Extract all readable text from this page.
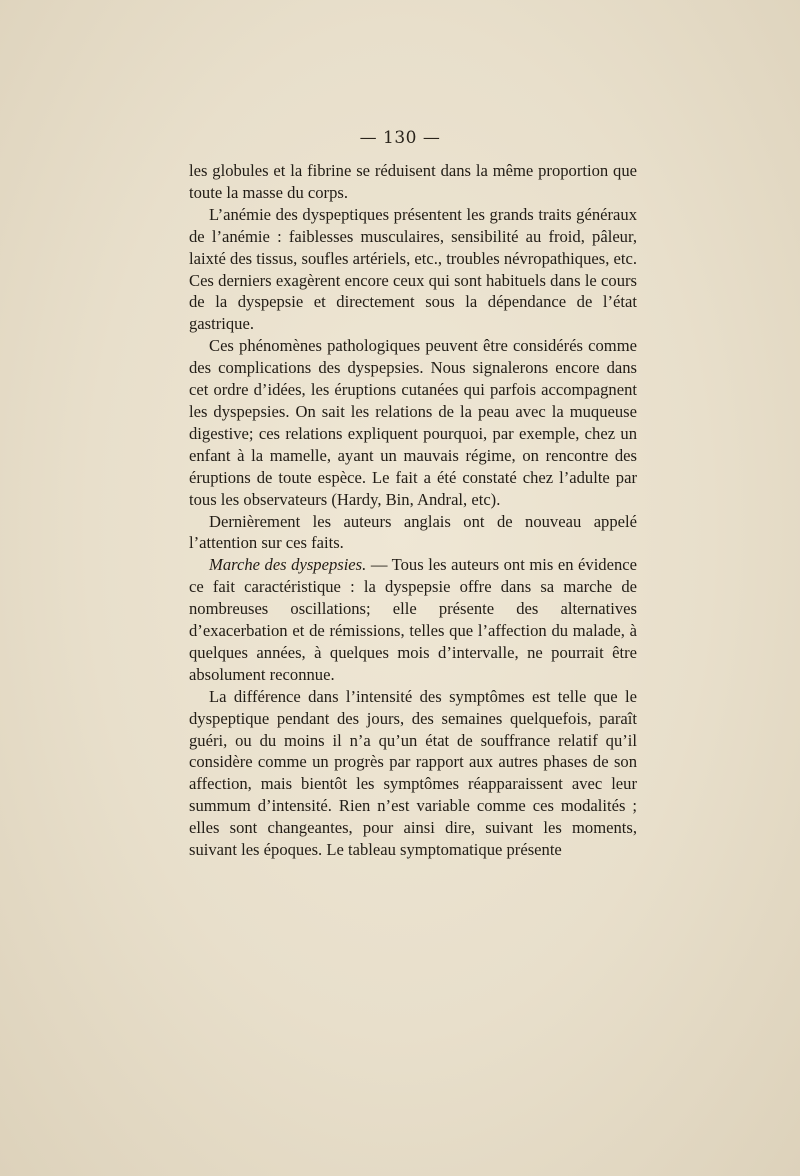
— 130 —

les globules et la fibrine se réduisent dans la même proportion que toute la masse du corps.

L’anémie des dyspeptiques présentent les grands traits généraux de l’anémie : faiblesses musculaires, sensibilité au froid, pâleur, laixté des tissus, soufles artériels, etc., troubles névropathiques, etc. Ces derniers exagèrent encore ceux qui sont habituels dans le cours de la dyspepsie et directement sous la dépendance de l’état gastrique.

Ces phénomènes pathologiques peuvent être considérés comme des complications des dyspepsies. Nous signalerons encore dans cet ordre d’idées, les éruptions cutanées qui parfois accompagnent les dyspepsies. On sait les relations de la peau avec la muqueuse digestive; ces relations expliquent pourquoi, par exemple, chez un enfant à la mamelle, ayant un mauvais régime, on rencontre des éruptions de toute espèce. Le fait a été constaté chez l’adulte par tous les observateurs (Hardy, Bin, Andral, etc).

Dernièrement les auteurs anglais ont de nouveau appelé l’attention sur ces faits.

Marche des dyspepsies. — Tous les auteurs ont mis en évidence ce fait caractéristique : la dyspepsie offre dans sa marche de nombreuses oscillations; elle présente des alternatives d’exacerbation et de rémissions, telles que l’affection du malade, à quelques années, à quelques mois d’intervalle, ne pourrait être absolument reconnue.

La différence dans l’intensité des symptômes est telle que le dyspeptique pendant des jours, des semaines quelquefois, paraît guéri, ou du moins il n’a qu’un état de souffrance relatif qu’il considère comme un progrès par rapport aux autres phases de son affection, mais bientôt les symptômes réapparaissent avec leur summum d’intensité. Rien n’est variable comme ces modalités ; elles sont changeantes, pour ainsi dire, suivant les moments, suivant les époques. Le tableau symptomatique présente
